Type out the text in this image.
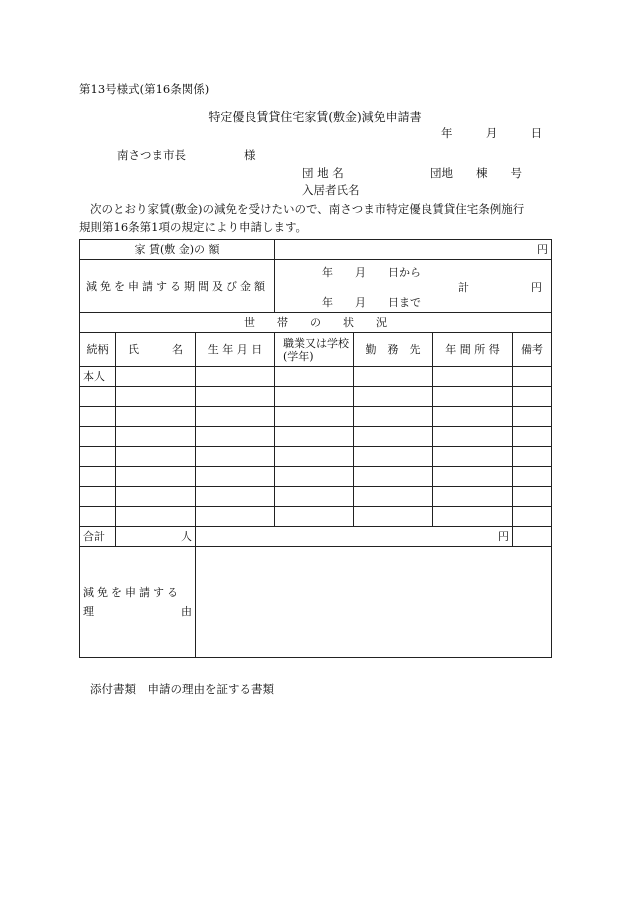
第13号様式(第16条関係)
特定優良賃貸住宅家賃(敷金)減免申請書
年	月	日
南さつま市長	様
団 地 名	団地　　棟　　号
入居者氏名
次のとおり家賃(敷金)の減免を受けたいので、南さつま市特定優良賃貸住宅条例施行
規則第16条第1項の規定により申請します。
家 賃(敷 金)の 額			円			
減免を申請する期間及び金額			年　　月　　日から
計 円
年　　月　　日まで			

世　　帯　　の　　状　　況						
続柄	氏　　　名	生 年 月 日	職業又は学校(学年)	勤　務　先	年 間 所 得	備考
本人						

合計	人	円				

減免を申請する
理 由						

添付書類　申請の理由を証する書類
